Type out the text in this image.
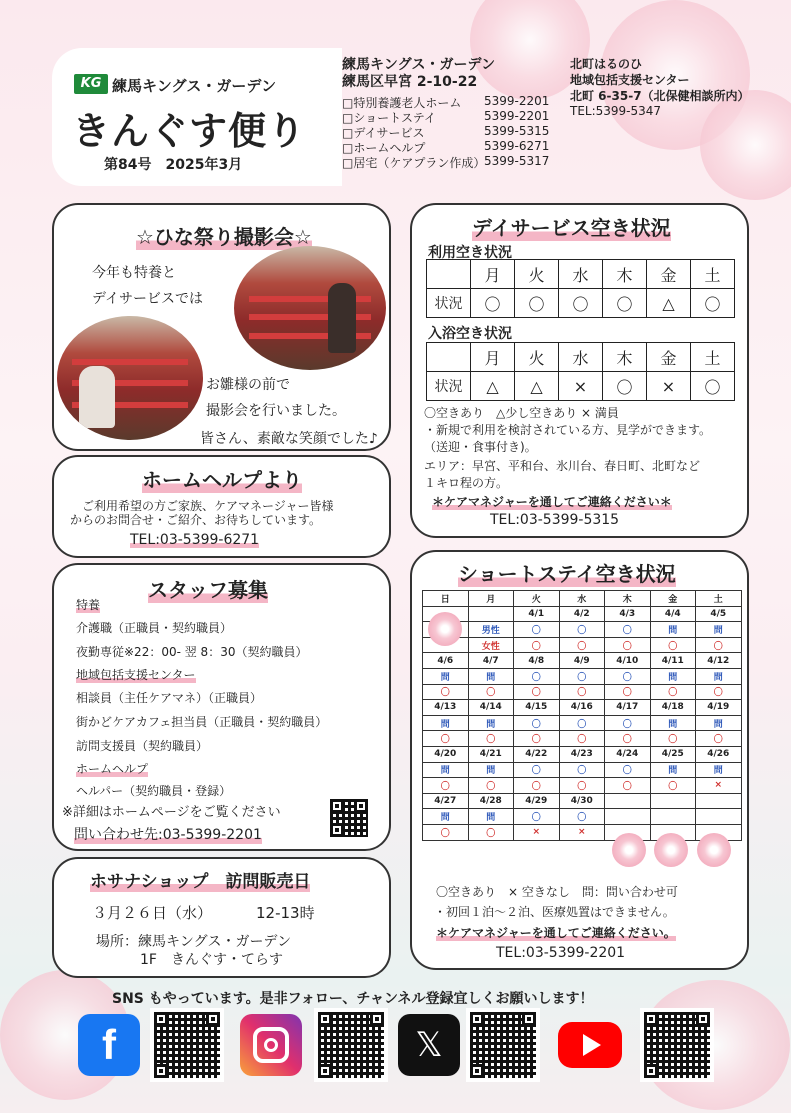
KG 練馬キングス・ガーデン
きんぐす便り
第84号　2025年3月
練馬キングス・ガーデン
練馬区早宮 2-10-22
□特別養護老人ホーム 5399-2201
□ショートステイ	5399-2201
□デイサービス	5399-5315
□ホームヘルプ	5399-6271
□居宅（ケアプラン作成）
5399-5317
北町はるのひ
地域包括支援センター
北町 6-35-7（北保健相談所内）
TEL:5399-5347
☆ひな祭り撮影会☆
今年も特養と
デイサービスでは
お雛様の前で
撮影会を行いました。
皆さん、素敵な笑顔でした♪
ホームヘルプより
ご利用希望の方ご家族、ケアマネージャー皆様
からのお問合せ・ご紹介、お待ちしています。
TEL:03-5399-6271
スタッフ募集
特養
介護職（正職員・契約職員）
夜勤専従※22：00- 翌 8：30（契約職員）
地域包括支援センター
相談員（主任ケアマネ）（正職員）
街かどケアカフェ担当員（正職員・契約職員）
訪問支援員（契約職員）
ホームヘルプ
ヘルパー（契約職員・登録）
※詳細はホームページをご覧ください
問い合わせ先:03-5399-2201
ホサナショップ　訪問販売日
３月２６日（水）	12-13時
場所：練馬キングス・ガーデン
1F　きんぐす・てらす
デイサービス空き状況
利用空き状況
	月	火	水	木	金	土
状況	〇	〇	〇	〇	△	〇
入浴空き状況
	月	火	水	木	金	土
状況	△	△	×	〇	×	〇
〇空きあり　△少し空きあり × 満員
・新規で利用を検討されている方、見学ができます。
（送迎・食事付き)。
エリア：早宮、平和台、氷川台、春日町、北町など
１キロ程の方。
＊ケアマネジャーを通してご連絡ください＊
TEL:03-5399-5315
ショートステイ空き状況
日	月	火	水	木	金	土
		4/1	4/2	4/3	4/4	4/5
	男性	〇	〇	〇	問	問
	女性	〇	〇	〇	〇	〇
4/6	4/7	4/8	4/9	4/10	4/11	4/12
問	問	〇	〇	〇	問	問
〇	〇	〇	〇	〇	〇	〇
4/13	4/14	4/15	4/16	4/17	4/18	4/19
問	問	〇	〇	〇	問	問
〇	〇	〇	〇	〇	〇	〇
4/20	4/21	4/22	4/23	4/24	4/25	4/26
問	問	〇	〇	〇	問	問
〇	〇	〇	〇	〇	〇	×
4/27	4/28	4/29	4/30			
問	問	〇	〇			
〇	〇	×	×			
〇空きあり　× 空きなし　問：問い合わせ可
・初回１泊～２泊、医療処置はできません。
＊ケアマネジャーを通してご連絡ください。
TEL:03-5399-2201
SNS もやっています。是非フォロー、チャンネル登録宜しくお願いします！
f	𝕏
